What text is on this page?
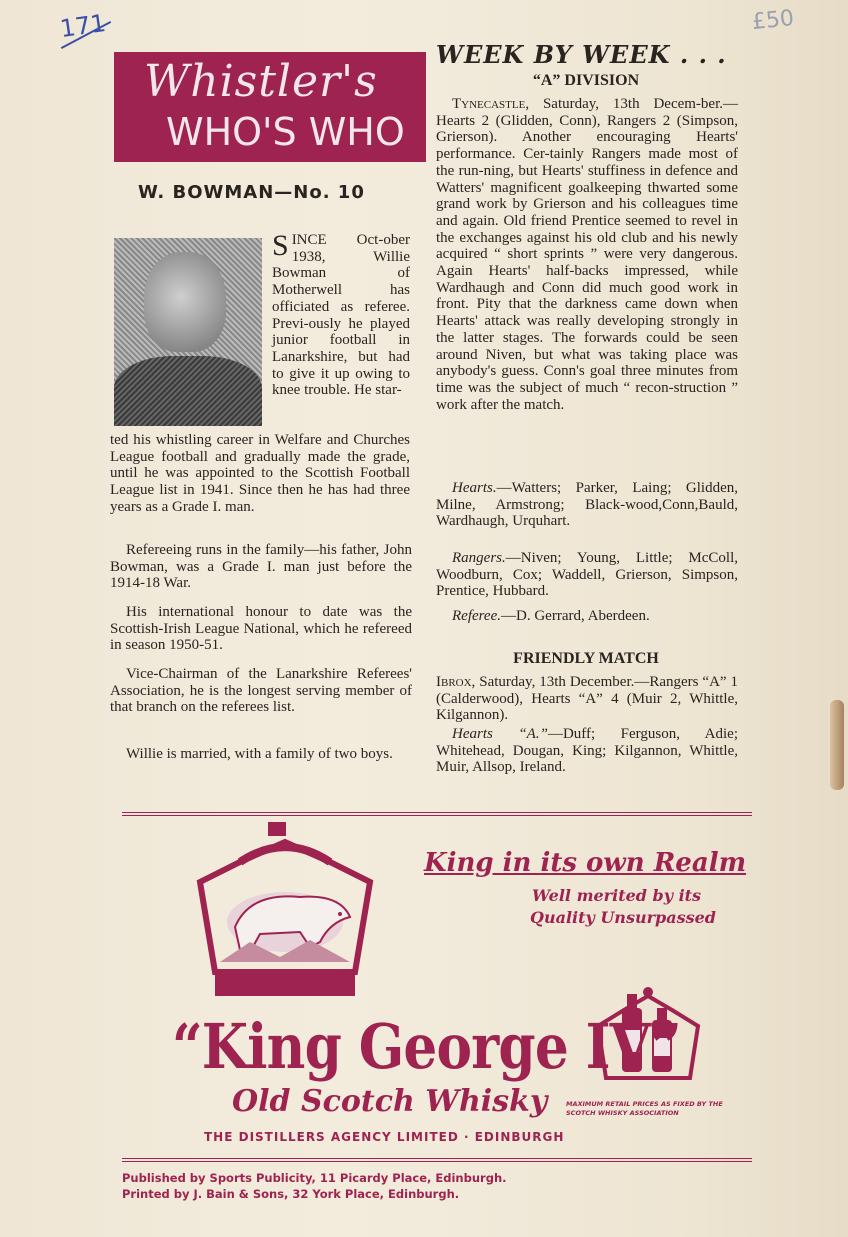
171	£50
Whistler's
WHO'S WHO
W. BOWMAN—No. 10
SINCE Oct-ober 1938, Willie Bowman of Motherwell has officiated as referee. Previ-ously he played junior football in Lanarkshire, but had to give it up owing to knee trouble. He star-
ted his whistling career in Welfare and Churches League football and gradually made the grade, until he was appointed to the Scottish Football League list in 1941. Since then he has had three years as a Grade I. man.
Refereeing runs in the family—his father, John Bowman, was a Grade I. man just before the 1914-18 War.
His international honour to date was the Scottish-Irish League National, which he refereed in season 1950-51.
Vice-Chairman of the Lanarkshire Referees' Association, he is the longest serving member of that branch on the referees list.
Willie is married, with a family of two boys.
WEEK BY WEEK . . .
“A” DIVISION
Tynecastle, Saturday, 13th Decem-ber.—Hearts 2 (Glidden, Conn), Rangers 2 (Simpson, Grierson). Another encouraging Hearts' performance. Cer-tainly Rangers made most of the run-ning, but Hearts' stuffiness in defence and Watters' magnificent goalkeeping thwarted some grand work by Grierson and his colleagues time and again. Old friend Prentice seemed to revel in the exchanges against his old club and his newly acquired “ short sprints ” were very dangerous. Again Hearts' half-backs impressed, while Wardhaugh and Conn did much good work in front. Pity that the darkness came down when Hearts' attack was really developing strongly in the latter stages. The forwards could be seen around Niven, but what was taking place was anybody's guess. Conn's goal three minutes from time was the subject of much “ recon-struction ” work after the match.
Hearts.—Watters; Parker, Laing; Glidden, Milne, Armstrong; Black-wood,Conn,Bauld, Wardhaugh, Urquhart.
Rangers.—Niven; Young, Little; McColl, Woodburn, Cox; Waddell, Grierson, Simpson, Prentice, Hubbard.
Referee.—D. Gerrard, Aberdeen.
FRIENDLY MATCH
Ibrox, Saturday, 13th December.—Rangers “A” 1 (Calderwood), Hearts “A” 4 (Muir 2, Whittle, Kilgannon).
Hearts “A.”—Duff; Ferguson, Adie; Whitehead, Dougan, King; Kilgannon, Whittle, Muir, Allsop, Ireland.
King in its own Realm
Well merited by its
Quality Unsurpassed
“King George IV”
Old Scotch Whisky	MAXIMUM RETAIL PRICES AS FIXED BY THE SCOTCH WHISKY ASSOCIATION
THE DISTILLERS AGENCY LIMITED · EDINBURGH
Published by Sports Publicity, 11 Picardy Place, Edinburgh.
Printed by J. Bain & Sons, 32 York Place, Edinburgh.
